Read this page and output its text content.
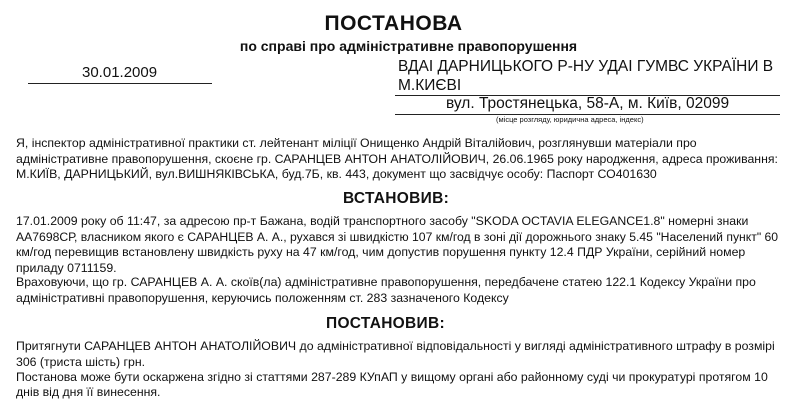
ПОСТАНОВА
по справі про адміністративне правопорушення
30.01.2009	ВДАІ ДАРНИЦЬКОГО Р-НУ УДАІ ГУМВС УКРАЇНИ В
М.КИЄВІ
вул. Тростянецька, 58-А, м. Київ, 02099
(місце розгляду, юридична адреса, індекс)
Я, інспектор адміністративної практики ст. лейтенант міліції Онищенко Андрій Віталійович, розглянувши матеріали про
адміністративне правопорушення, скоєне гр. САРАНЦЕВ АНТОН АНАТОЛІЙОВИЧ, 26.06.1965 року народження, адреса проживання:
М.КИЇВ, ДАРНИЦЬКИЙ, вул.ВИШНЯКІВСЬКА, буд.7Б, кв. 443, документ що засвідчує особу: Паспорт СО401630
ВСТАНОВИВ:
17.01.2009 року об 11:47, за адресою пр-т Бажана, водій транспортного засобу "SKODA OCTAVIA ELEGANCE1.8" номерні знаки
АА7698СР, власником якого є САРАНЦЕВ А. А., рухався зі швидкістю 107 км/год в зоні дії дорожнього знаку 5.45 "Населений пункт" 60
км/год перевищив встановлену швидкість руху на 47 км/год, чим допустив порушення пункту 12.4 ПДР України, серійний номер
приладу 0711159.
Враховуючи, що гр. САРАНЦЕВ А. А. скоїв(ла) адміністративне правопорушення, передбачене статею 122.1 Кодексу України про
адміністративні правопорушення, керуючись положенням ст. 283 зазначеного Кодексу
ПОСТАНОВИВ:
Притягнути САРАНЦЕВ АНТОН АНАТОЛІЙОВИЧ до адміністративної відповідальності у вигляді адміністративного штрафу в розмірі
306 (триста шість) грн.
Постанова може бути оскаржена згідно зі статтями 287-289 КУпАП у вищому органі або районному суді чи прокуратурі протягом 10
днів від дня її винесення.
